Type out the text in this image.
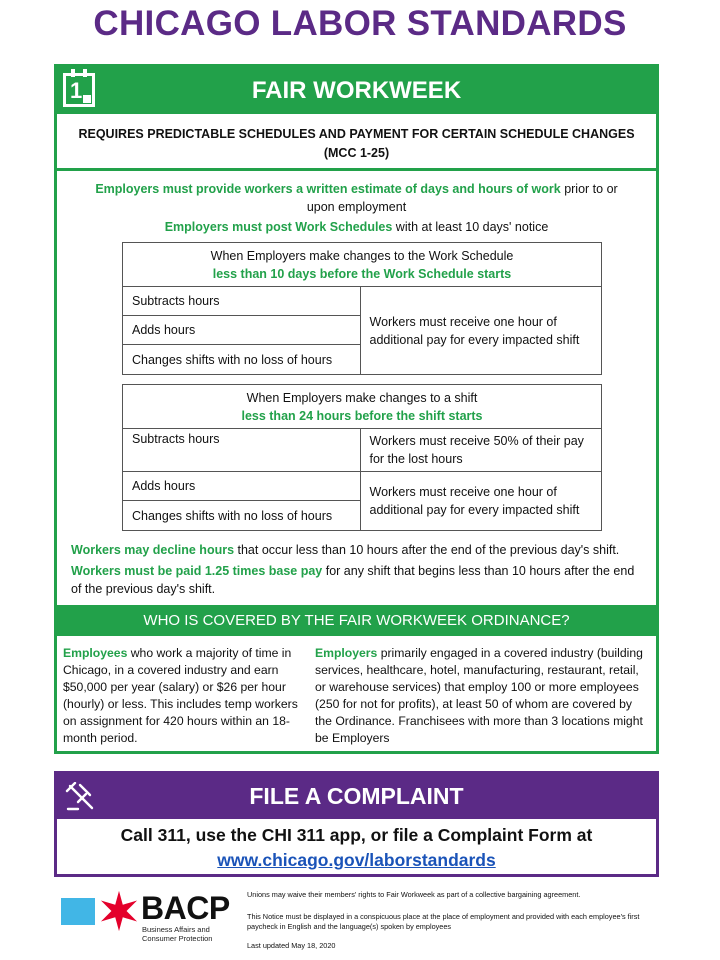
CHICAGO LABOR STANDARDS
1	FAIR WORKWEEK
REQUIRES PREDICTABLE SCHEDULES AND PAYMENT FOR CERTAIN SCHEDULE CHANGES
(MCC 1-25)
Employers must provide workers a written estimate of days and hours of work prior to or
upon employment
Employers must post Work Schedules with at least 10 days' notice
When Employers make changes to the Work Schedule
less than 10 days before the Work Schedule starts

Subtracts hours	Workers must receive one hour of additional pay for every impacted shift
Adds hours
Changes shifts with no loss of hours
When Employers make changes to a shift
less than 24 hours before the shift starts	

Subtracts hours	Workers must receive 50% of their pay for the lost hours
Adds hours	Workers must receive one hour of additional pay for every impacted shift
Changes shifts with no loss of hours	
Workers may decline hours that occur less than 10 hours after the end of the previous day's shift.
Workers must be paid 1.25 times base pay for any shift that begins less than 10 hours after the end
of the previous day's shift.
WHO IS COVERED BY THE FAIR WORKWEEK ORDINANCE?
Employees who work a majority of time in Chicago, in a covered industry and earn $50,000 per year (salary) or $26 per hour (hourly) or less. This includes temp workers on assignment for 420 hours within an 18-month period.
Employers primarily engaged in a covered industry (building services, healthcare, hotel, manufacturing, restaurant, retail, or warehouse services) that employ 100 or more employees (250 for not for profits), at least 50 of whom are covered by the Ordinance. Franchisees with more than 3 locations might be Employers
FILE A COMPLAINT
Call 311, use the CHI 311 app, or file a Complaint Form at
www.chicago.gov/laborstandards
BACP
Business Affairs and
Consumer Protection
Unions may waive their members' rights to Fair Workweek as part of a collective bargaining agreement.
This Notice must be displayed in a conspicuous place at the place of employment and provided with each employee's first paycheck in English and the language(s) spoken by employees
Last updated May 18, 2020
